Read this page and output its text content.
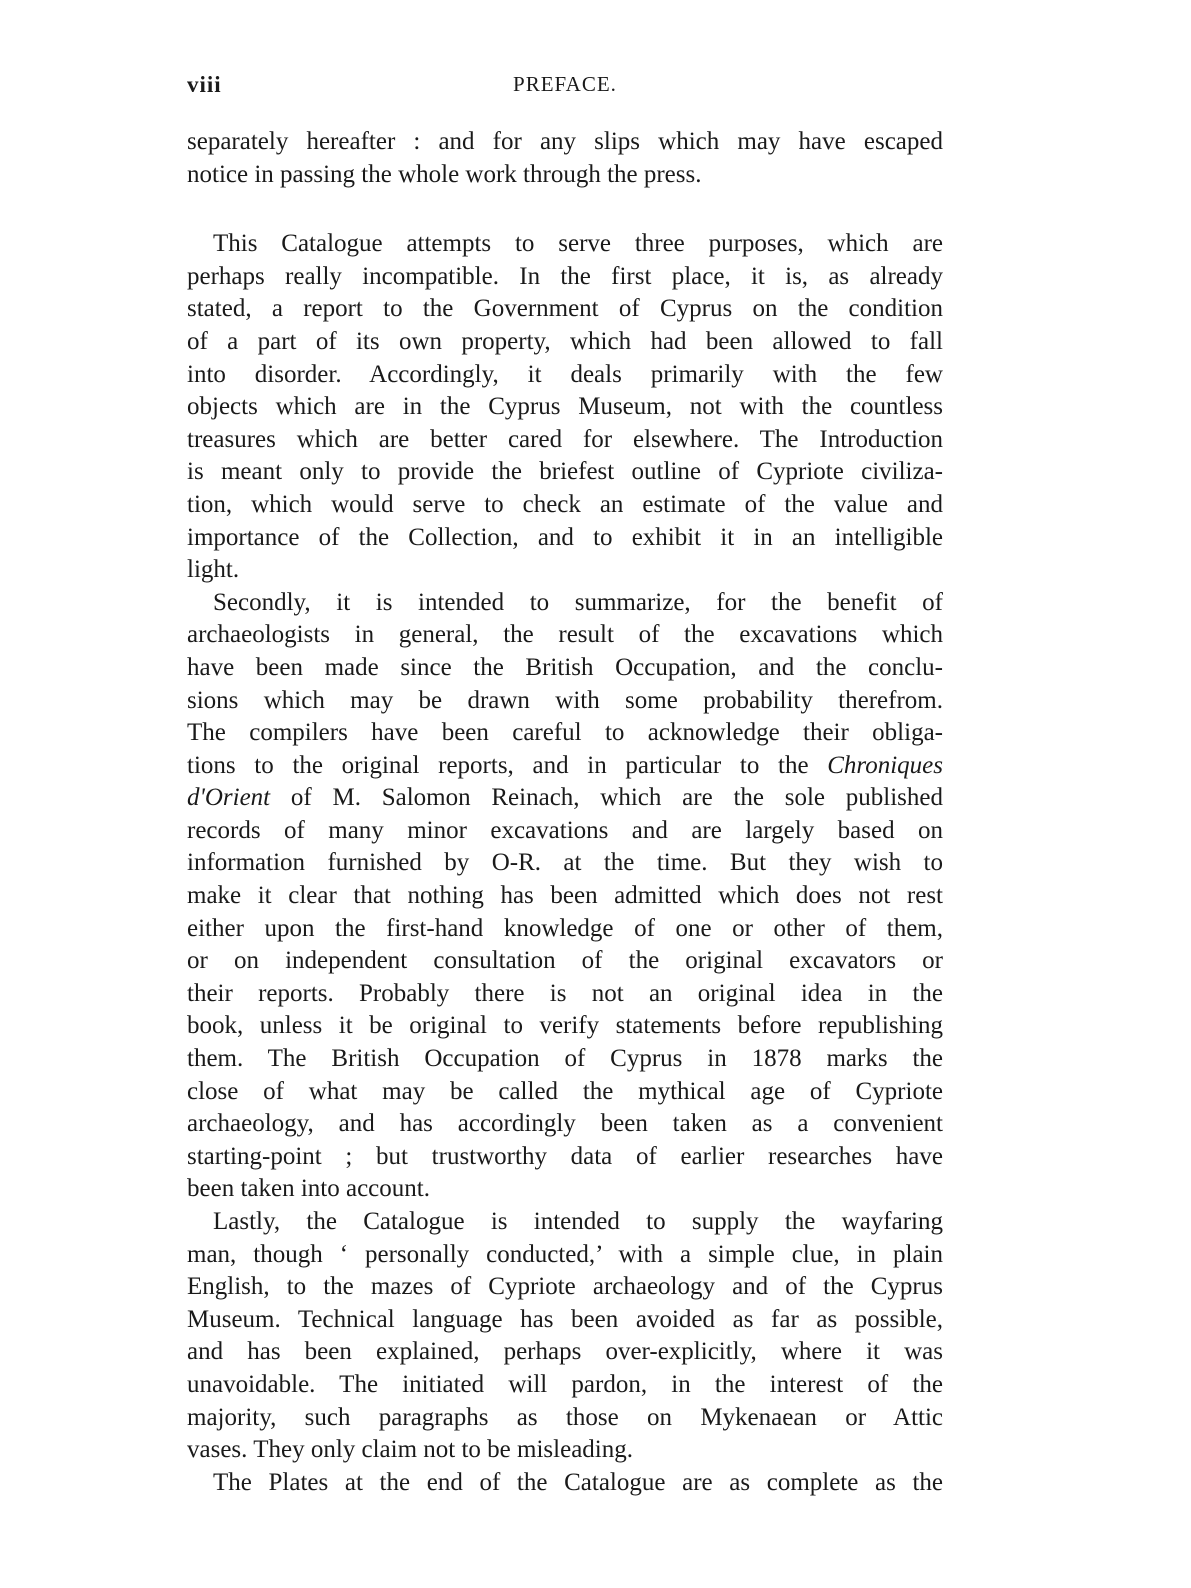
viii	PREFACE.
separately hereafter : and for any slips which may have escaped
notice in passing the whole work through the press.
This Catalogue attempts to serve three purposes, which are
perhaps really incompatible. In the first place, it is, as already
stated, a report to the Government of Cyprus on the condition
of a part of its own property, which had been allowed to fall
into disorder. Accordingly, it deals primarily with the few
objects which are in the Cyprus Museum, not with the countless
treasures which are better cared for elsewhere. The Introduction
is meant only to provide the briefest outline of Cypriote civiliza-
tion, which would serve to check an estimate of the value and
importance of the Collection, and to exhibit it in an intelligible
light.
Secondly, it is intended to summarize, for the benefit of
archaeologists in general, the result of the excavations which
have been made since the British Occupation, and the conclu-
sions which may be drawn with some probability therefrom.
The compilers have been careful to acknowledge their obliga-
tions to the original reports, and in particular to the Chroniques
d'Orient of M. Salomon Reinach, which are the sole published
records of many minor excavations and are largely based on
information furnished by O-R. at the time. But they wish to
make it clear that nothing has been admitted which does not rest
either upon the first-hand knowledge of one or other of them,
or on independent consultation of the original excavators or
their reports. Probably there is not an original idea in the
book, unless it be original to verify statements before republishing
them. The British Occupation of Cyprus in 1878 marks the
close of what may be called the mythical age of Cypriote
archaeology, and has accordingly been taken as a convenient
starting-point ; but trustworthy data of earlier researches have
been taken into account.
Lastly, the Catalogue is intended to supply the wayfaring
man, though ‘ personally conducted,’ with a simple clue, in plain
English, to the mazes of Cypriote archaeology and of the Cyprus
Museum. Technical language has been avoided as far as possible,
and has been explained, perhaps over-explicitly, where it was
unavoidable. The initiated will pardon, in the interest of the
majority, such paragraphs as those on Mykenaean or Attic
vases. They only claim not to be misleading.
The Plates at the end of the Catalogue are as complete as the
